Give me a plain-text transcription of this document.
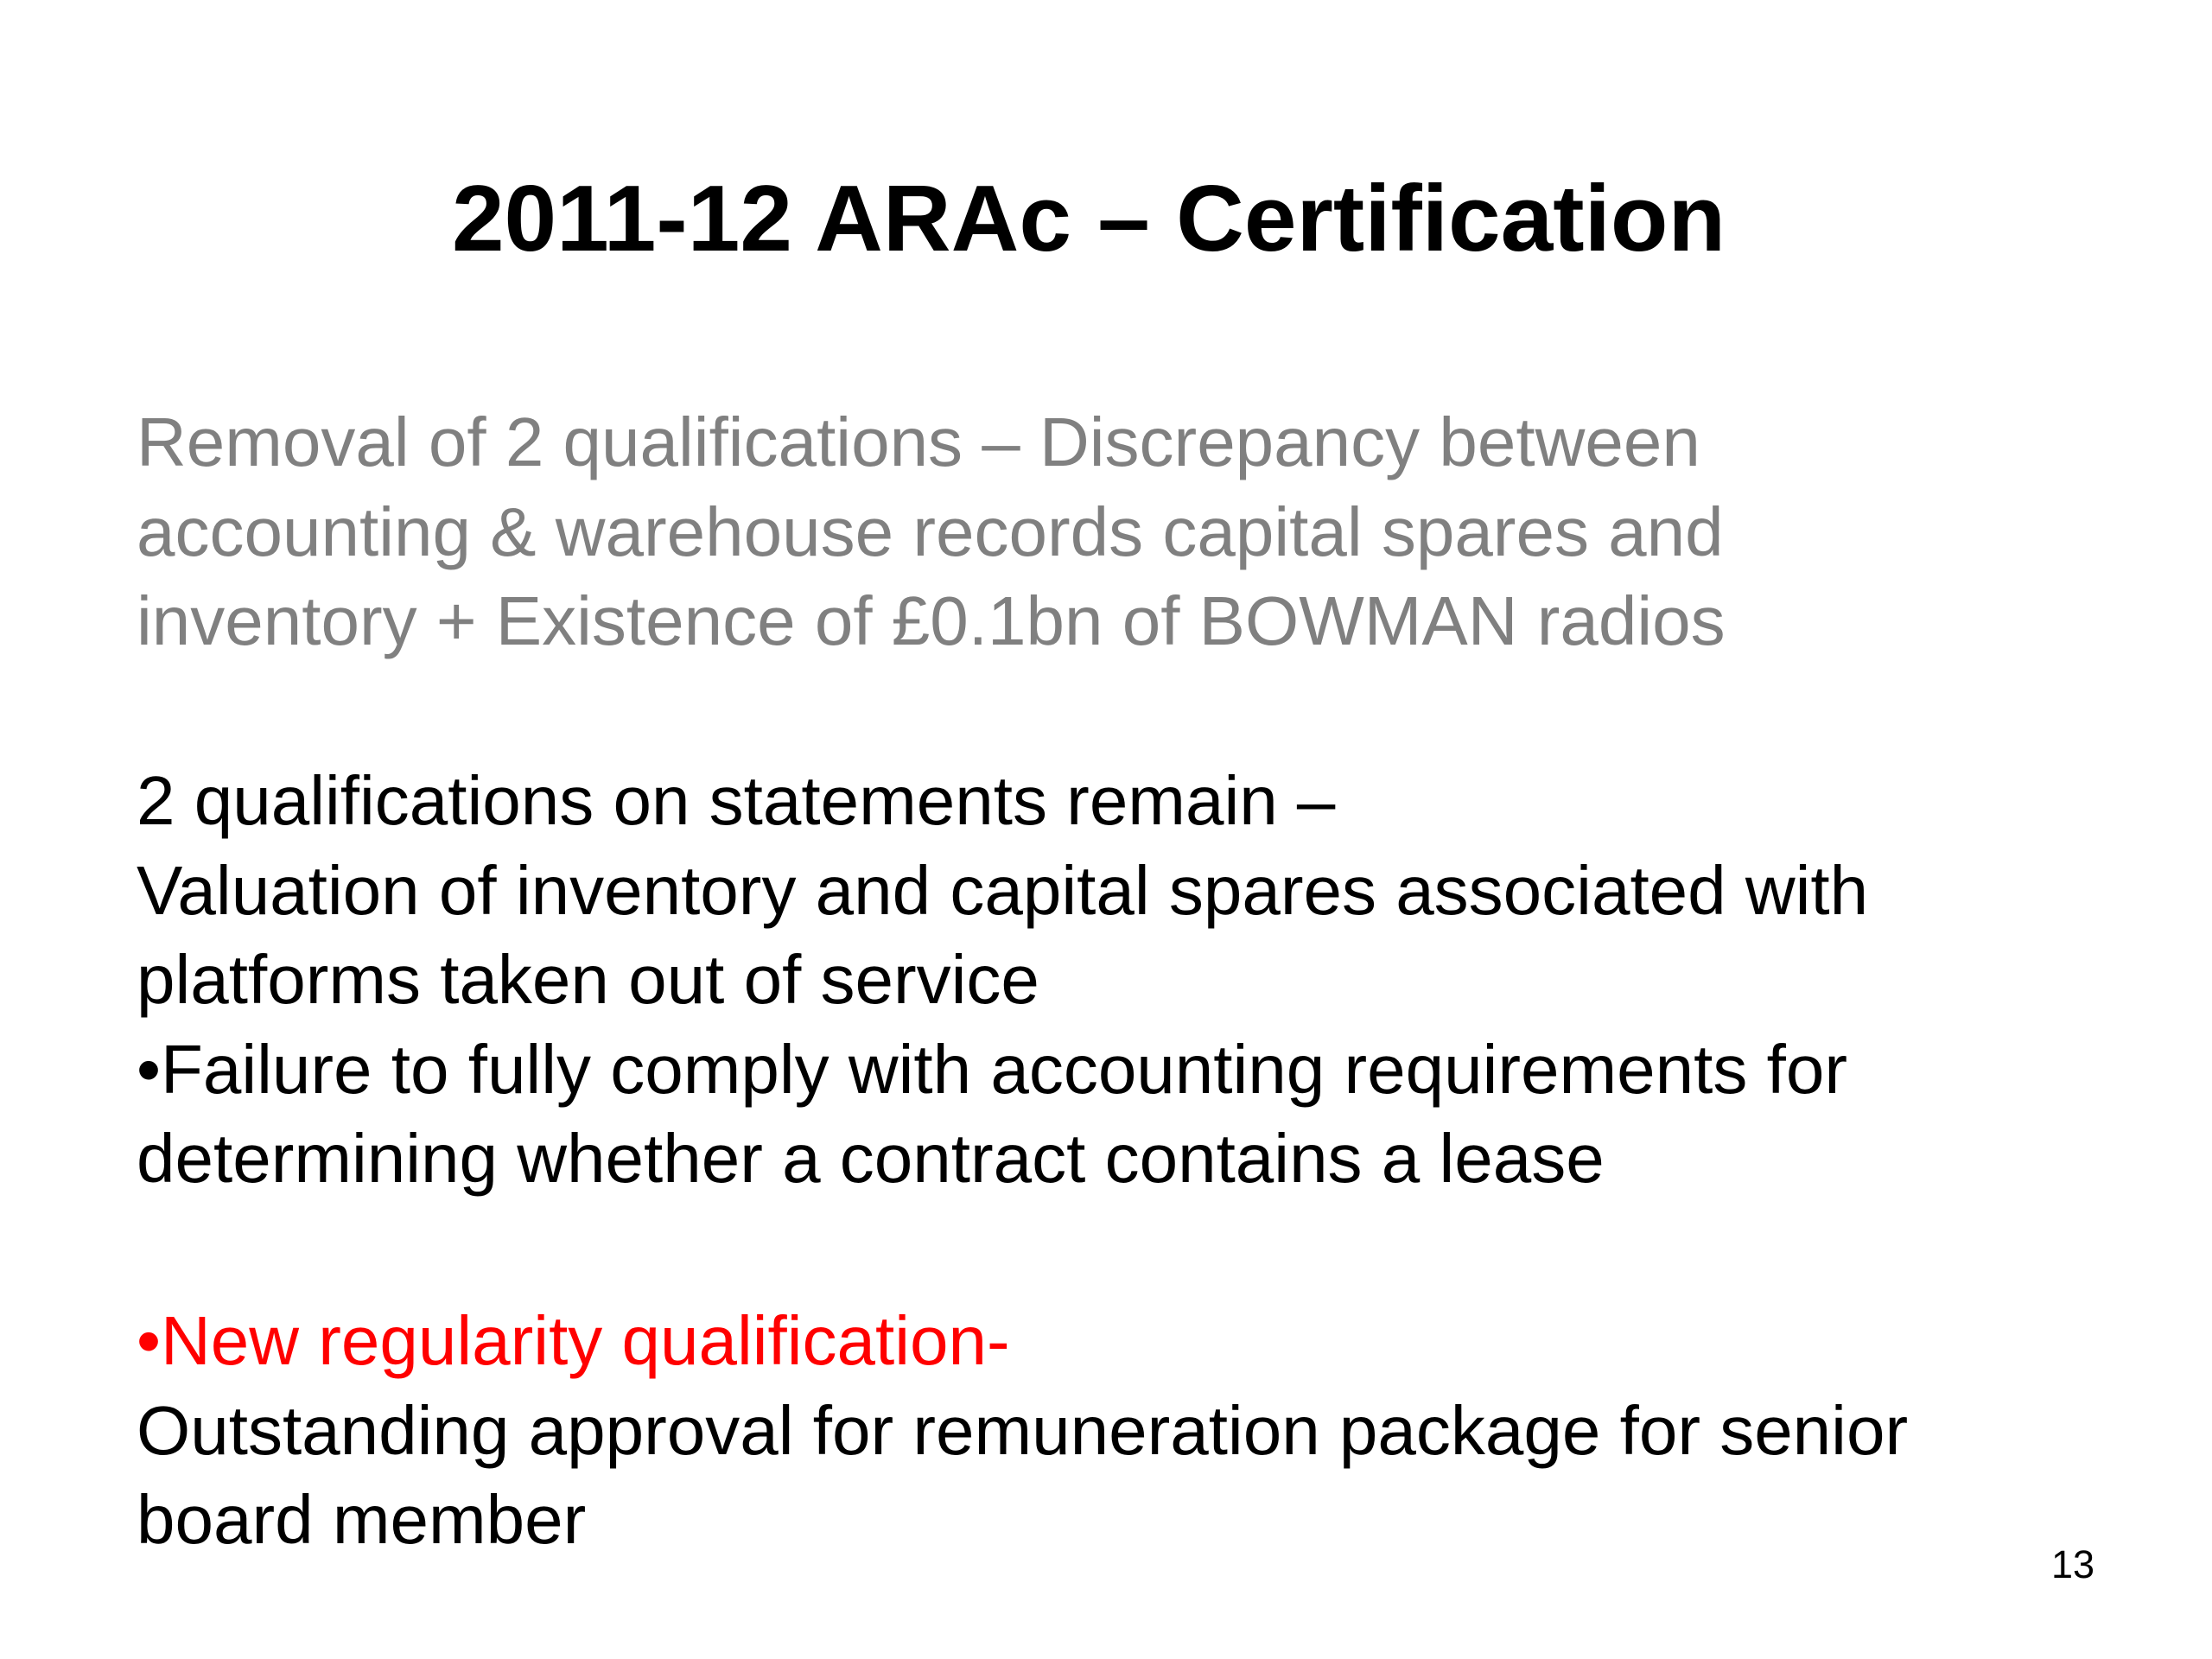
2011-12 ARAc – Certification
Removal of 2 qualifications – Discrepancy between
accounting & warehouse records capital spares and
inventory + Existence of £0.1bn of BOWMAN radios
2 qualifications on statements remain –
Valuation of inventory and capital spares associated with
platforms taken out of service
•Failure to fully comply with accounting requirements for
determining whether a contract contains a lease
•New regularity qualification-
Outstanding approval for remuneration package for senior
board member
13
